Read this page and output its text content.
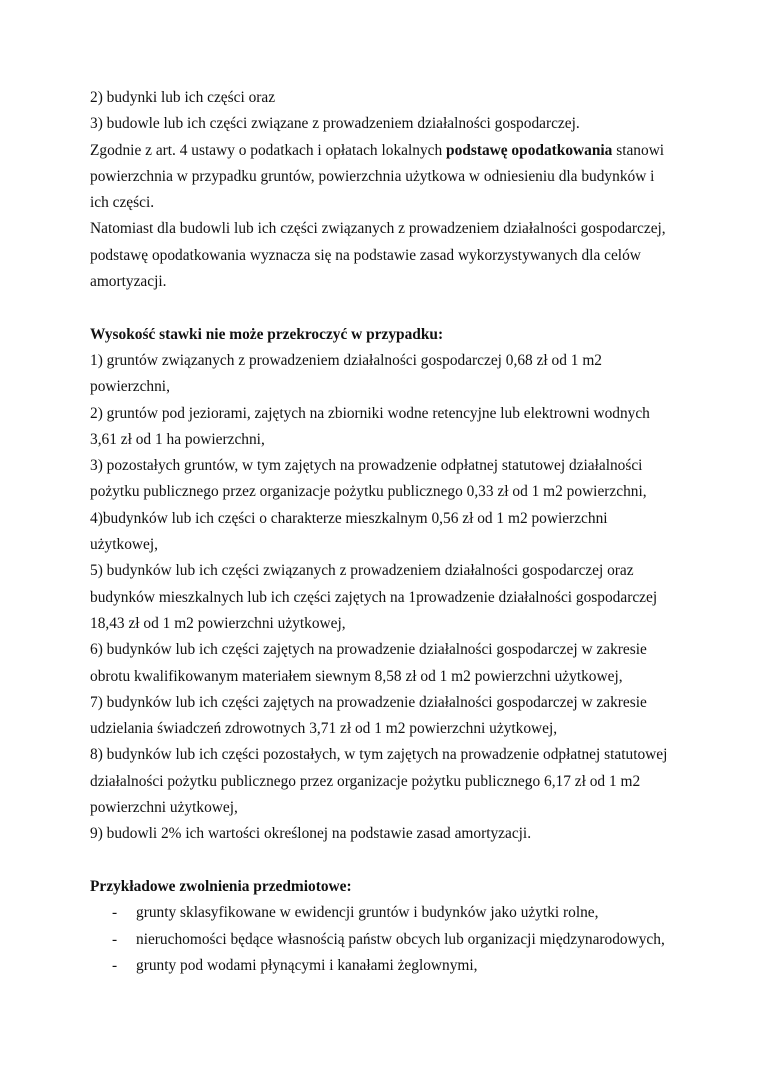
2) budynki lub ich części oraz
3) budowle lub ich części związane z prowadzeniem działalności gospodarczej.
Zgodnie z art. 4 ustawy o podatkach i opłatach lokalnych podstawę opodatkowania stanowi
powierzchnia w przypadku gruntów, powierzchnia użytkowa w odniesieniu dla budynków i
ich części.
Natomiast dla budowli lub ich części związanych z prowadzeniem działalności gospodarczej,
podstawę opodatkowania wyznacza się na podstawie zasad wykorzystywanych dla celów
amortyzacji.
Wysokość stawki nie może przekroczyć w przypadku:
1) gruntów związanych z prowadzeniem działalności gospodarczej 0,68 zł od 1 m2
powierzchni,
2) gruntów pod jeziorami, zajętych na zbiorniki wodne retencyjne lub elektrowni wodnych
3,61 zł od 1 ha powierzchni,
3) pozostałych gruntów, w tym zajętych na prowadzenie odpłatnej statutowej działalności
pożytku publicznego przez organizacje pożytku publicznego 0,33 zł od 1 m2 powierzchni,
4)budynków lub ich części o charakterze mieszkalnym 0,56 zł od 1 m2 powierzchni
użytkowej,
5) budynków lub ich części związanych z prowadzeniem działalności gospodarczej oraz
budynków mieszkalnych lub ich części zajętych na 1prowadzenie działalności gospodarczej
18,43 zł od 1 m2 powierzchni użytkowej,
6) budynków lub ich części zajętych na prowadzenie działalności gospodarczej w zakresie
obrotu kwalifikowanym materiałem siewnym 8,58 zł od 1 m2 powierzchni użytkowej,
7) budynków lub ich części zajętych na prowadzenie działalności gospodarczej w zakresie
udzielania świadczeń zdrowotnych 3,71 zł od 1 m2 powierzchni użytkowej,
8) budynków lub ich części pozostałych, w tym zajętych na prowadzenie odpłatnej statutowej
działalności pożytku publicznego przez organizacje pożytku publicznego 6,17 zł od 1 m2
powierzchni użytkowej,
9) budowli 2% ich wartości określonej na podstawie zasad amortyzacji.
Przykładowe zwolnienia przedmiotowe:
- grunty sklasyfikowane w ewidencji gruntów i budynków jako użytki rolne,
- nieruchomości będące własnością państw obcych lub organizacji międzynarodowych,
- grunty pod wodami płynącymi i kanałami żeglownymi,
